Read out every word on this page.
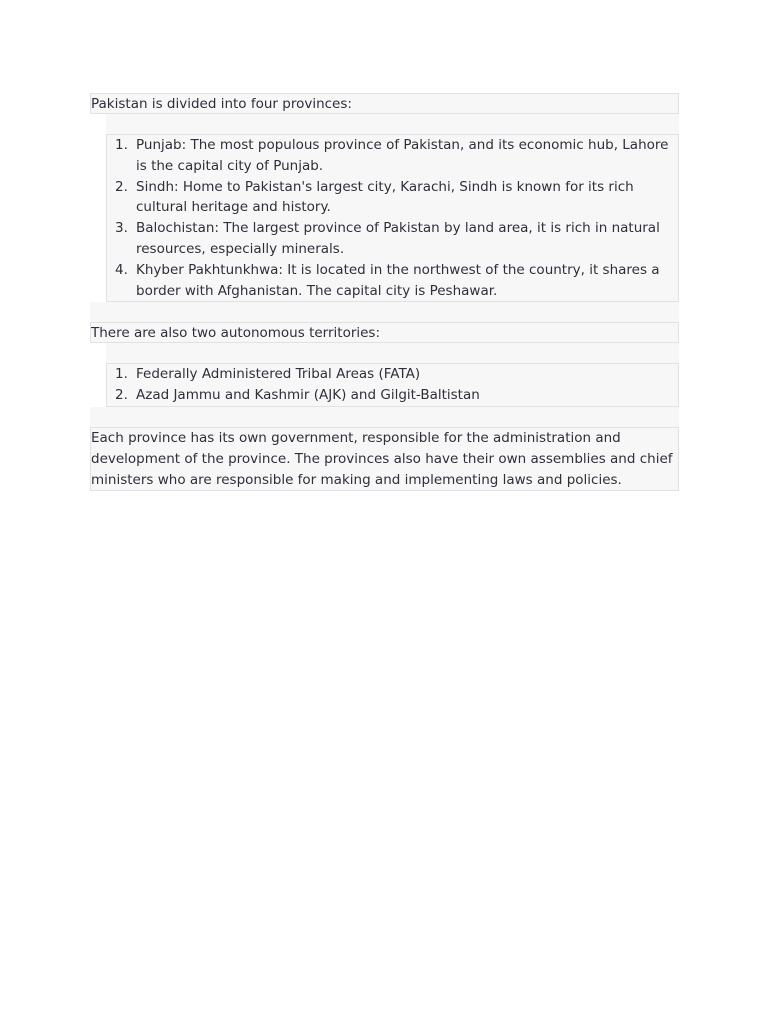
Pakistan is divided into four provinces:
1. Punjab: The most populous province of Pakistan, and its economic hub, Lahore is the capital city of Punjab.
2. Sindh: Home to Pakistan's largest city, Karachi, Sindh is known for its rich cultural heritage and history.
3. Balochistan: The largest province of Pakistan by land area, it is rich in natural resources, especially minerals.
4. Khyber Pakhtunkhwa: It is located in the northwest of the country, it shares a border with Afghanistan. The capital city is Peshawar.
There are also two autonomous territories:
1. Federally Administered Tribal Areas (FATA)
2. Azad Jammu and Kashmir (AJK) and Gilgit-Baltistan
Each province has its own government, responsible for the administration and development of the province. The provinces also have their own assemblies and chief ministers who are responsible for making and implementing laws and policies.
